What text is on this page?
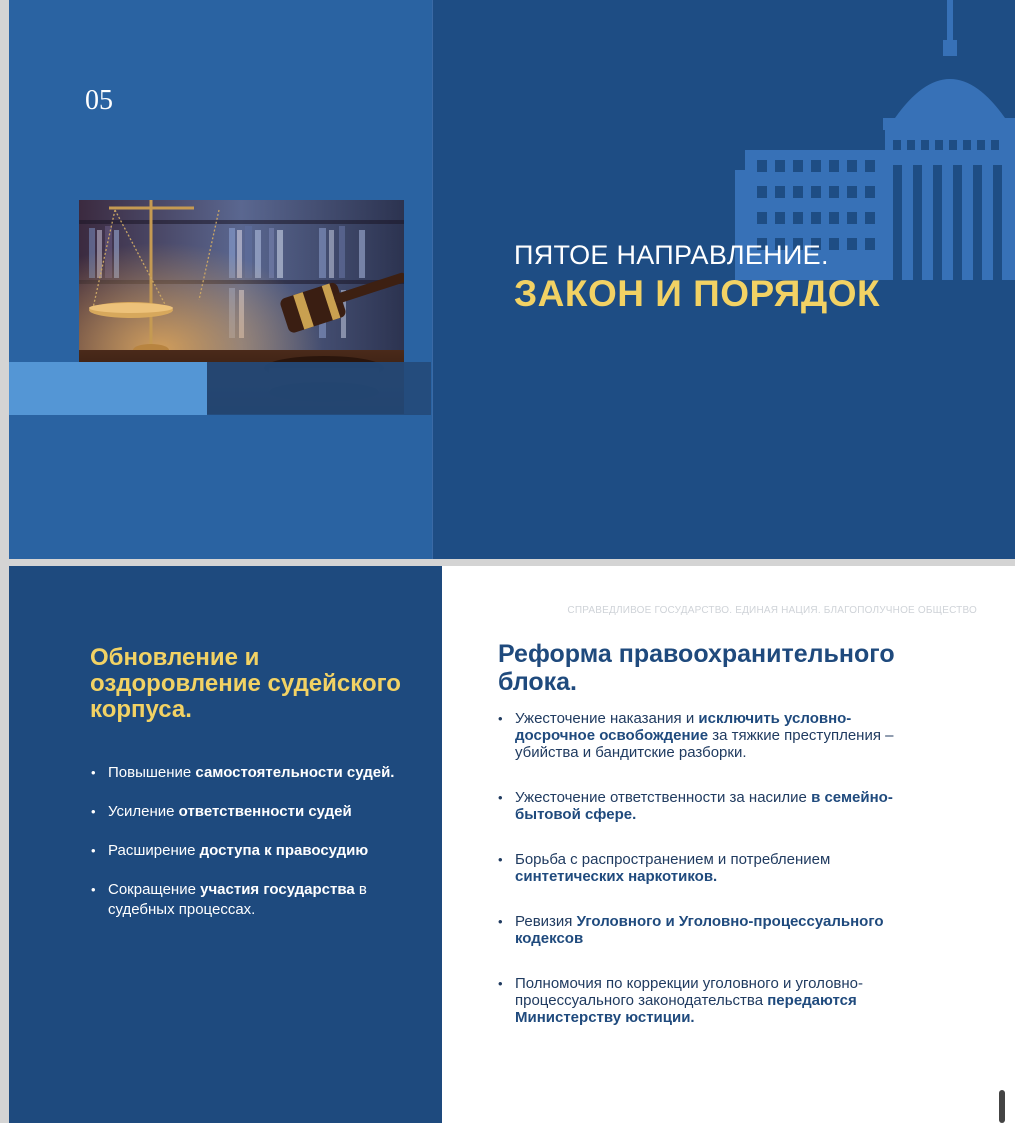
05
ПЯТОЕ НАПРАВЛЕНИЕ.
ЗАКОН И ПОРЯДОК
Обновление и оздоровление судейского корпуса.
• Повышение самостоятельности судей.
• Усиление ответственности судей
• Расширение доступа к правосудию
• Сокращение участия государства в судебных процессах.
СПРАВЕДЛИВОЕ ГОСУДАРСТВО. ЕДИНАЯ НАЦИЯ. БЛАГОПОЛУЧНОЕ ОБЩЕСТВО
Реформа правоохранительного блока.
• Ужесточение наказания и исключить условно-досрочное освобождение за тяжкие преступления – убийства и бандитские разборки.
• Ужесточение ответственности за насилие в семейно-бытовой сфере.
• Борьба с распространением и потреблением синтетических наркотиков.
• Ревизия Уголовного и Уголовно-процессуального кодексов
• Полномочия по коррекции уголовного и уголовно-процессуального законодательства передаются Министерству юстиции.
